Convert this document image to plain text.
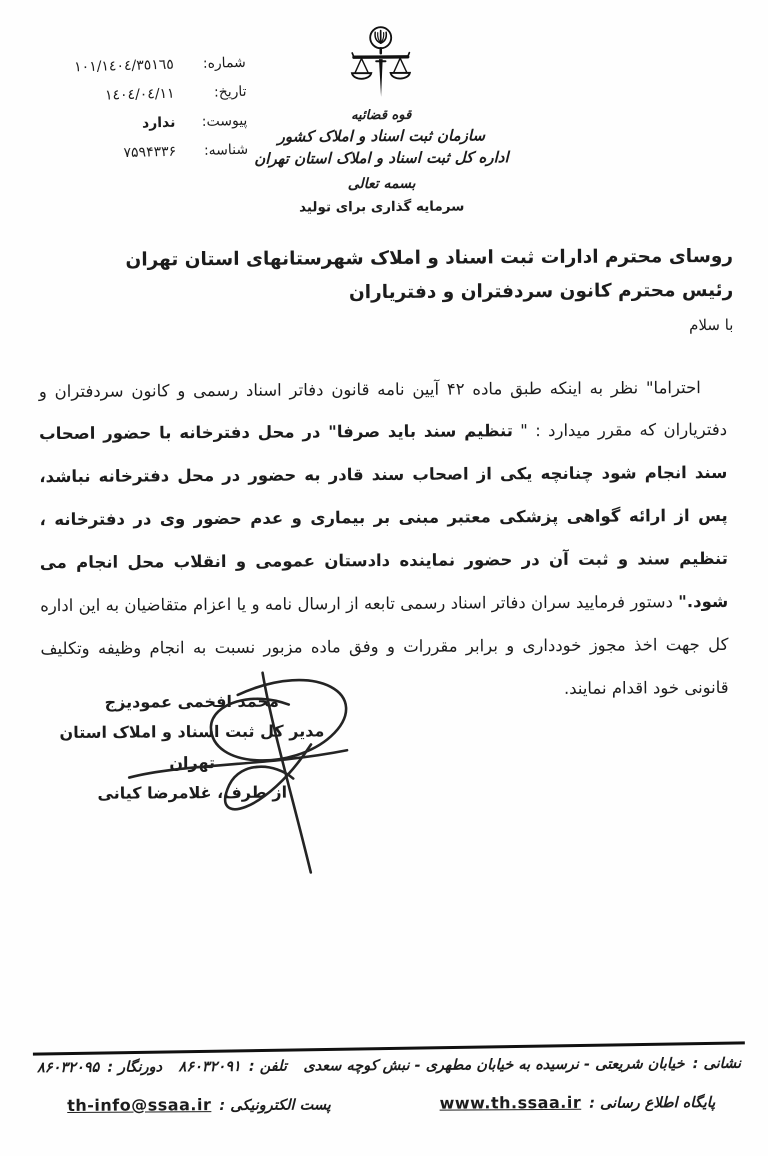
شماره:
١٠١/١٤٠٤/٣٥١٦٥
تاریخ:
١٤٠٤/٠٤/١١
پیوست:
ندارد
شناسه:
۷۵۹۴۳۳۶
قوه قضائیه
سازمان ثبت اسناد و املاک کشور
اداره کل ثبت اسناد و املاک استان تهران
بسمه تعالی
سرمایه گذاری برای تولید
روسای محترم ادارات ثبت اسناد و املاک شهرستانهای استان تهران
رئیس محترم کانون سردفتران و دفتریاران
با سلام

احتراما" نظر به اینکه طبق ماده ۴۲ آیین نامه قانون دفاتر اسناد رسمی و کانون سردفتران و دفتریاران که مقرر میدارد : " تنظیم سند باید صرفا" در محل دفترخانه با حضور اصحاب سند انجام شود چنانچه یکی از اصحاب سند قادر به حضور در محل دفترخانه نباشد، پس از ارائه گواهی پزشکی معتبر مبنی بر بیماری و عدم حضور وی در دفترخانه ، تنظیم سند و ثبت آن در حضور نماینده دادستان عمومی و انقلاب محل انجام می شود." دستور فرمایید سران دفاتر اسناد رسمی تابعه از ارسال نامه و یا اعزام متقاضیان به این اداره کل جهت اخذ مجوز خودداری و برابر مقررات و وفق ماده مزبور نسبت به انجام وظیفه وتکلیف قانونی خود اقدام نمایند.

محمد افخمی عمودیزج
مدیر کل ثبت اسناد و املاک استان تهران
از طرف، غلامرضا کیانی
نشانی :
خیابان شریعتی - نرسیده به خیابان مطهری - نبش کوچه سعدی
تلفن :
۸۶۰۳۲۰۹۱
دورنگار :
۸۶۰۳۲۰۹۵
پایگاه اطلاع رسانی :
www.th.ssaa.ir
پست الکترونیکی :
th-info@ssaa.ir
